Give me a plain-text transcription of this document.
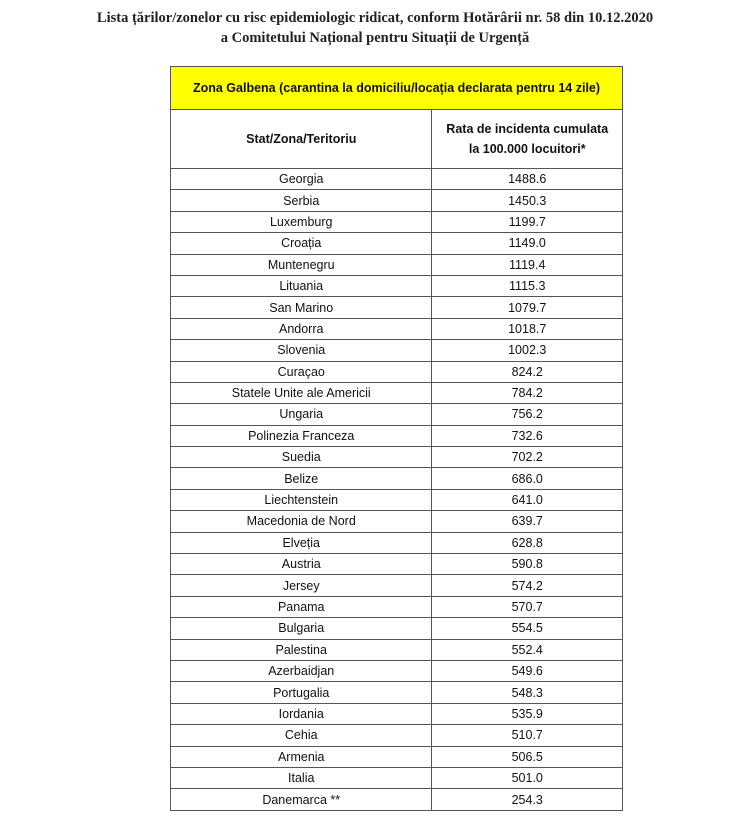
Lista țărilor/zonelor cu risc epidemiologic ridicat, conform Hotărârii nr. 58 din 10.12.2020
a Comitetului Național pentru Situații de Urgență
Zona Galbena (carantina la domiciliu/locația declarata pentru 14 zile)	
Stat/Zona/Teritoriu	Rata de incidenta cumulata
la 100.000 locuitori*

Georgia	1488.6
Serbia	1450.3
Luxemburg	1199.7
Croația	1149.0
Muntenegru	1119.4
Lituania	1115.3
San Marino	1079.7
Andorra	1018.7
Slovenia	1002.3
Curaçao	824.2
Statele Unite ale Americii	784.2
Ungaria	756.2
Polinezia Franceza	732.6
Suedia	702.2
Belize	686.0
Liechtenstein	641.0
Macedonia de Nord	639.7
Elveția	628.8
Austria	590.8
Jersey	574.2
Panama	570.7
Bulgaria	554.5
Palestina	552.4
Azerbaidjan	549.6
Portugalia	548.3
Iordania	535.9
Cehia	510.7
Armenia	506.5
Italia	501.0
Danemarca **	254.3
